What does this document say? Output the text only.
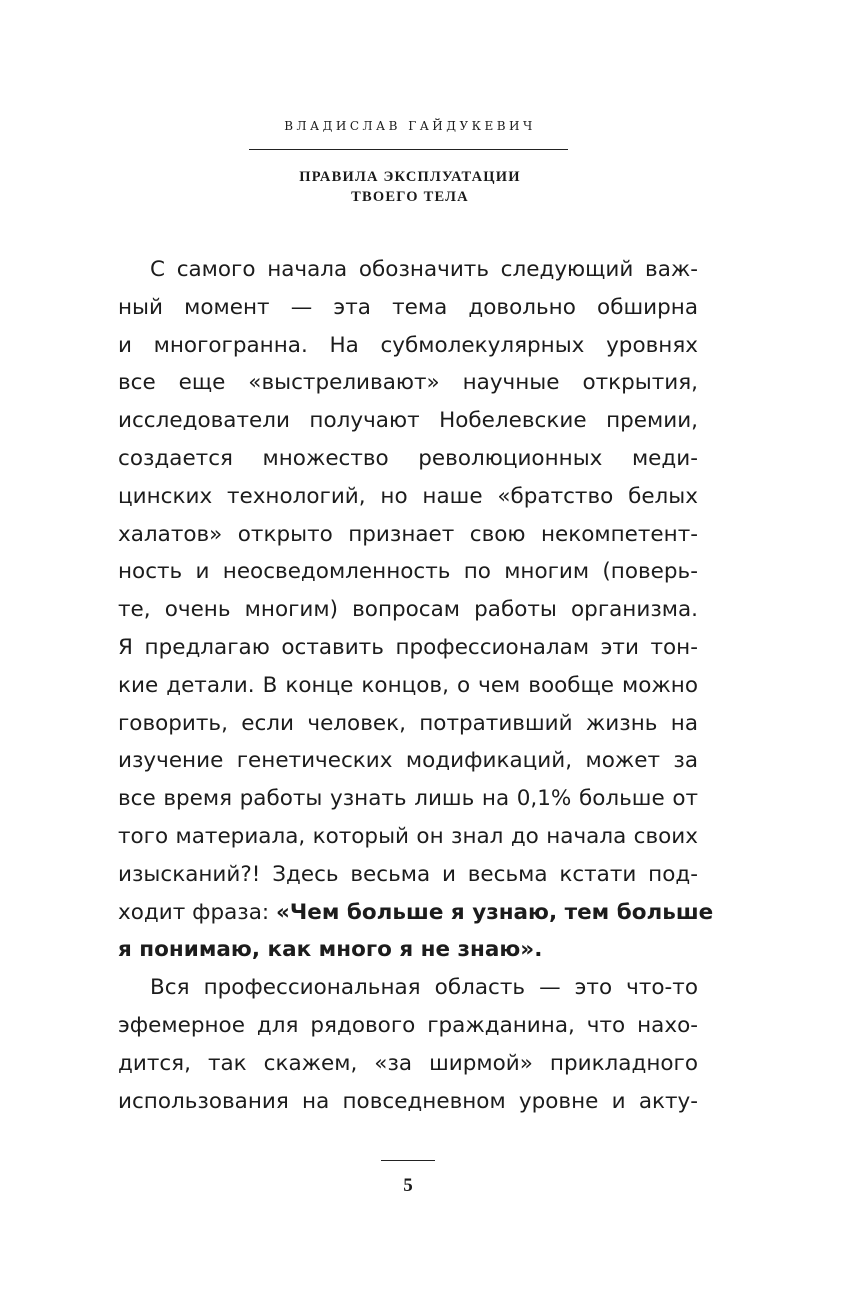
ВЛАДИСЛАВ ГАЙДУКЕВИЧ
ПРАВИЛА ЭКСПЛУАТАЦИИ
ТВОЕГО ТЕЛА
С самого начала обозначить следующий важ-
ный момент — эта тема довольно обширна
и многогранна. На субмолекулярных уровнях
все еще «выстреливают» научные открытия,
исследователи получают Нобелевские премии,
создается множество революционных меди-
цинских технологий, но наше «братство белых
халатов» открыто признает свою некомпетент-
ность и неосведомленность по многим (поверь-
те, очень многим) вопросам работы организма.
Я предлагаю оставить профессионалам эти тон-
кие детали. В конце концов, о чем вообще можно
говорить, если человек, потративший жизнь на
изучение генетических модификаций, может за
все время работы узнать лишь на 0,1% больше от
того материала, который он знал до начала своих
изысканий?! Здесь весьма и весьма кстати под-
ходит фраза: «Чем больше я узнаю, тем больше
я понимаю, как много я не знаю».
Вся профессиональная область — это что-то
эфемерное для рядового гражданина, что нахо-
дится, так скажем, «за ширмой» прикладного
использования на повседневном уровне и акту-
5
